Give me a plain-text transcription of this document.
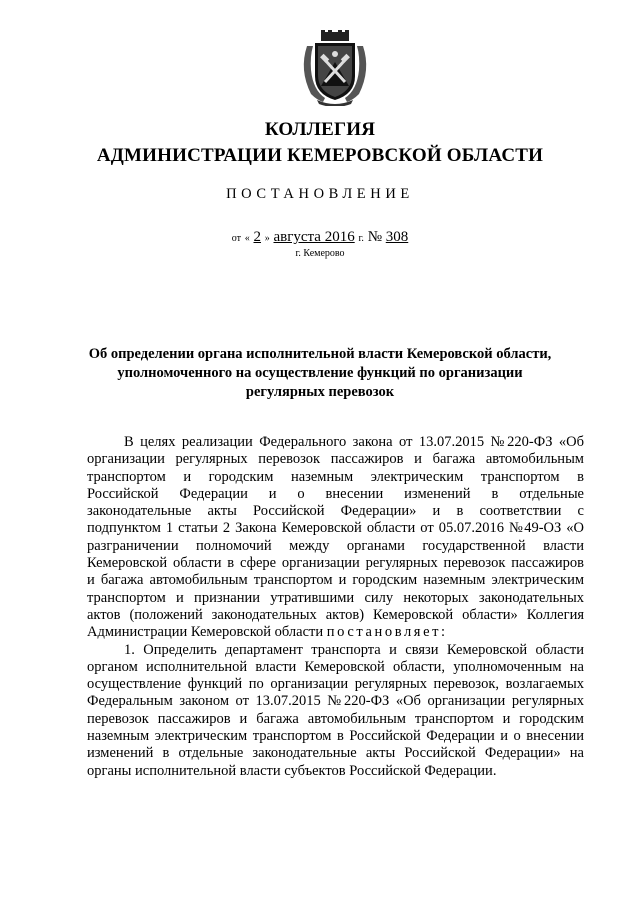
КОЛЛЕГИЯ
АДМИНИСТРАЦИИ КЕМЕРОВСКОЙ ОБЛАСТИ
ПОСТАНОВЛЕНИЕ
от « 2 » августа 2016 г. № 308
г. Кемерово
Об определении органа исполнительной власти Кемеровской области,
уполномоченного на осуществление функций по организации
регулярных перевозок
В целях реализации Федерального закона от 13.07.2015 №220-ФЗ «Об
организации регулярных перевозок пассажиров и багажа автомобильным
транспортом и городским наземным электрическим транспортом в
Российской Федерации и о внесении изменений в отдельные
законодательные акты Российской Федерации» и в соответствии с
подпунктом 1 статьи 2 Закона Кемеровской области от 05.07.2016 №49-ОЗ «О
разграничении полномочий между органами государственной власти
Кемеровской области в сфере организации регулярных перевозок пассажиров
и багажа автомобильным транспортом и городским наземным электрическим
транспортом и признании утратившими силу некоторых законодательных
актов (положений законодательных актов) Кемеровской области» Коллегия
Администрации Кемеровской области постановляет:
1. Определить департамент транспорта и связи Кемеровской области
органом исполнительной власти Кемеровской области, уполномоченным на
осуществление функций по организации регулярных перевозок, возлагаемых
Федеральным законом от 13.07.2015 №220-ФЗ «Об организации регулярных
перевозок пассажиров и багажа автомобильным транспортом и городским
наземным электрическим транспортом в Российской Федерации и о внесении
изменений в отдельные законодательные акты Российской Федерации» на
органы исполнительной власти субъектов Российской Федерации.
